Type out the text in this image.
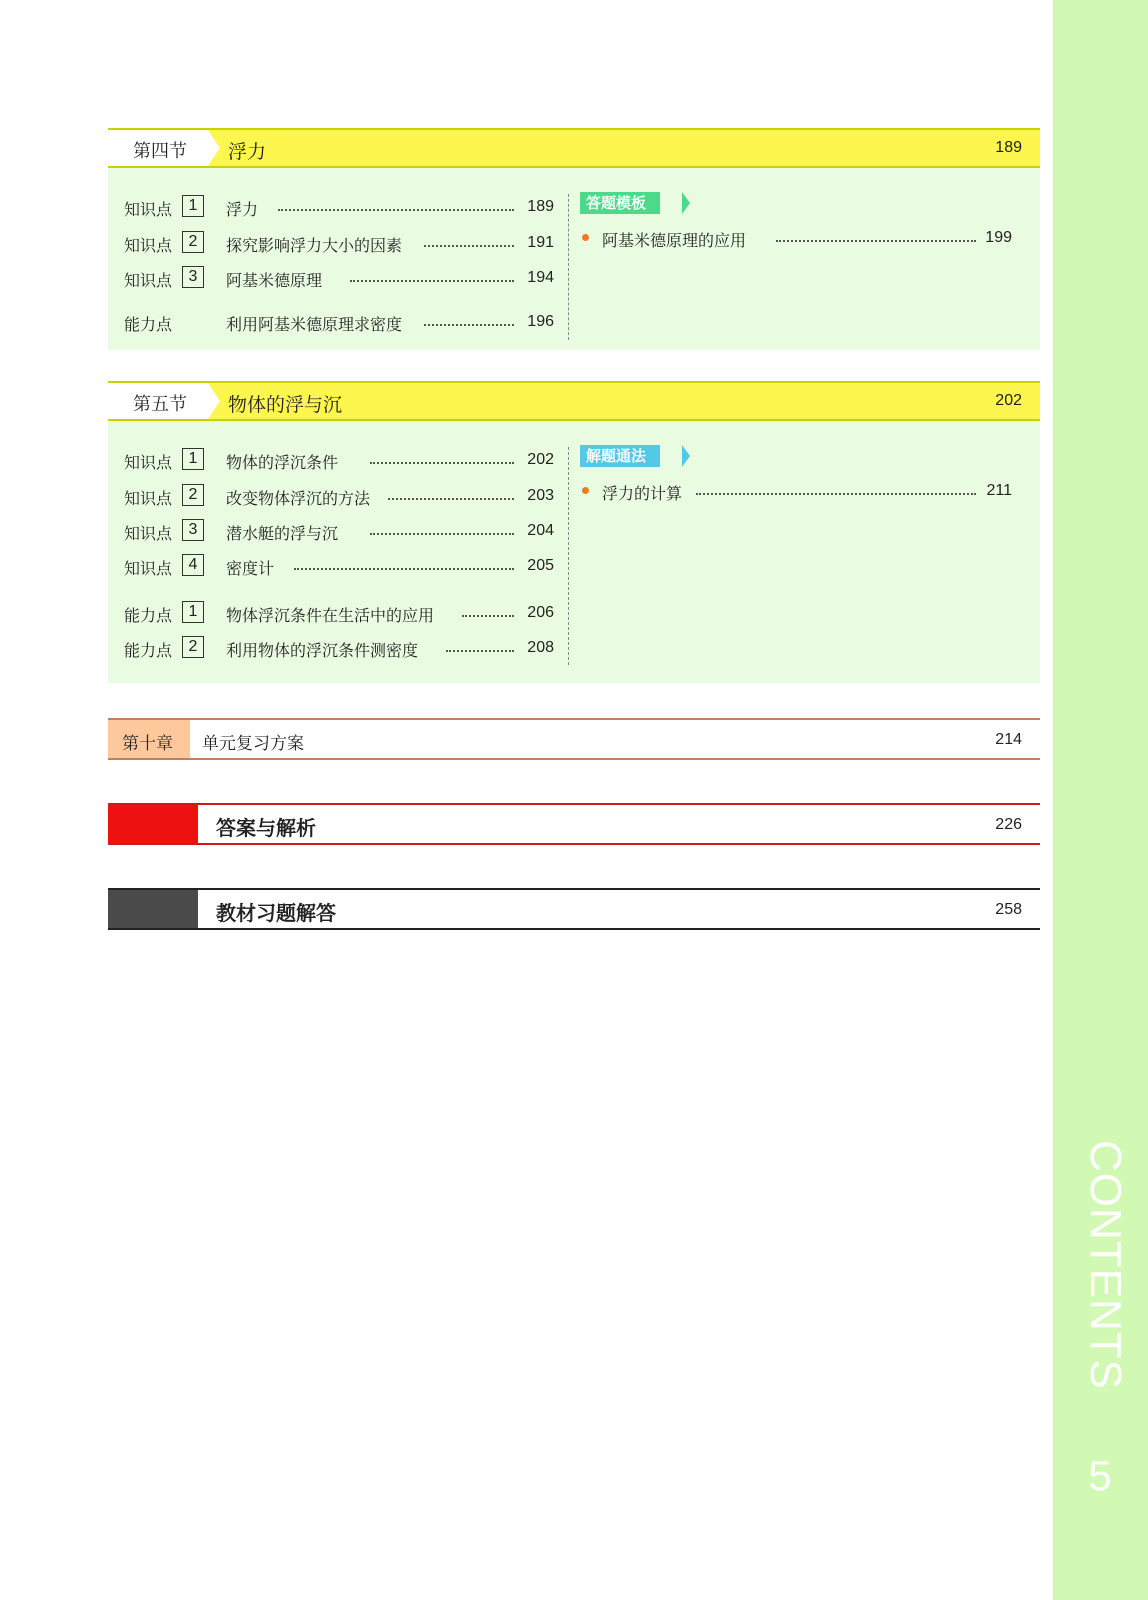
CONTENTS
5
第四节 浮力	189
知识点	1	浮力	189
知识点	2	探究影响浮力大小的因素	191
知识点	3	阿基米德原理	194
能力点	利用阿基米德原理求密度	196
答题模板
阿基米德原理的应用	199
第五节 物体的浮与沉	202
知识点	1	物体的浮沉条件	202
知识点	2	改变物体浮沉的方法	203
知识点	3	潜水艇的浮与沉	204
知识点	4	密度计	205
能力点	1	物体浮沉条件在生活中的应用	206
能力点	2	利用物体的浮沉条件测密度	208
解题通法
浮力的计算	211
第十章 单元复习方案	214
答案与解析	226
教材习题解答	258
